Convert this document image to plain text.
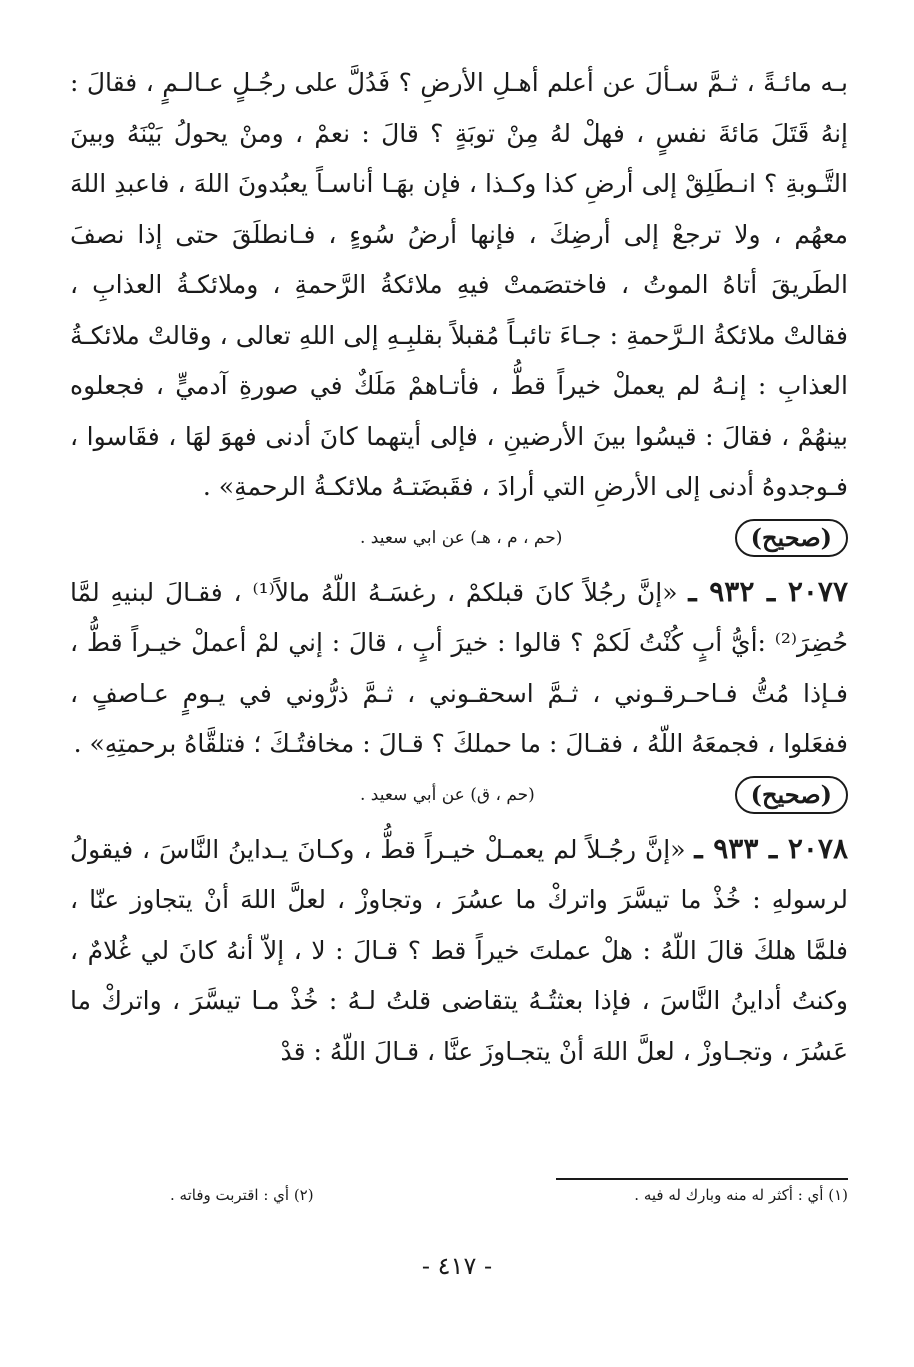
بـه مائـةً ، ثـمَّ سـألَ عن أعلم أهـلِ الأرضِ ؟ فَدُلَّ على رجُـلٍ عـالـمٍ ، فقالَ : إنهُ قَتَلَ مَائةَ نفسٍ ، فهلْ لهُ مِنْ توبَةٍ ؟ قالَ : نعمْ ، ومنْ يحولُ بَيْنَهُ وبينَ التَّـوبةِ ؟ انـطَلِقْ إلى أرضِ كذا وكـذا ، فإن بهَـا أناسـاً يعبُدونَ اللهَ ، فاعبدِ اللهَ معهُم ، ولا ترجعْ إلى أرضِكَ ، فإنها أرضُ سُوءٍ ، فـانطلَقَ حتى إذا نصفَ الطَريقَ أتاهُ الموتُ ، فاختصَمتْ فيهِ ملائكةُ الرَّحمةِ ، وملائكـةُ العذابِ ، فقالتْ ملائكةُ الـرَّحمةِ : جـاءَ تائبـاً مُقبلاً بقلبِـهِ إلى اللهِ تعالى ، وقالتْ ملائكـةُ العذابِ : إنـهُ لم يعملْ خيراً قطُّ ، فأتـاهمْ مَلَكٌ في صورةِ آدميٍّ ، فجعلوه بينهُمْ ، فقالَ : قيسُوا بينَ الأرضينِ ، فإلى أيتهما كانَ أدنى فهوَ لهَا ، فقَاسوا ، فـوجدوهُ أدنى إلى الأرضِ التي أرادَ ، فقَبضَتـهُ ملائكـةُ الرحمةِ» .

(صحيح)
(حم ، م ، هـ) عن ابي سعيد .

٢٠٧٧ ـ ٩٣٢ ـ «إنَّ رجُلاً كانَ قبلكمْ ، رغسَـهُ اللّهُ مالاً⁽¹⁾ ، فقـالَ لبنيهِ لمَّا حُضِرَ⁽²⁾ :أيُّ أبٍ كُنْتُ لَكمْ ؟ قالوا : خيرَ أبٍ ، قالَ : إني لمْ أعملْ خيـراً قطُّ ، فـإذا مُتُّ فـاحـرقـوني ، ثـمَّ اسحقـوني ، ثـمَّ ذرُّوني في يـومٍ عـاصفٍ ، ففعَلوا ، فجمعَهُ اللّهُ ، فقـالَ : ما حملكَ ؟ قـالَ : مخافتُـكَ ؛ فتلقَّاهُ برحمتِهِ» .

(صحيح)
(حم ، ق) عن أبي سعيد .

٢٠٧٨ ـ ٩٣٣ ـ «إنَّ رجُـلاً لم يعمـلْ خيـراً قطُّ ، وكـانَ يـداينُ النَّاسَ ، فيقولُ لرسولهِ : خُذْ ما تيسَّرَ واتركْ ما عسُرَ ، وتجاوزْ ، لعلَّ اللهَ أنْ يتجاوز عنّا ، فلمَّا هلكَ قالَ اللّهُ : هلْ عملتَ خيراً قط ؟ قـالَ : لا ، إلاّ أنهُ كانَ لي غُلامٌ ، وكنتُ أداينُ النَّاسَ ، فإذا بعثتُـهُ يتقاضى قلتُ لـهُ : خُذْ مـا تيسَّرَ ، واتركْ ما عَسُرَ ، وتجـاوزْ ، لعلَّ اللهَ أنْ يتجـاوزَ عنَّا ، قـالَ اللّهُ : قدْ

(١) أي : أكثر له منه وبارك له فيه .
(٢) أي : اقتربت وفاته .
- ٤١٧ -
